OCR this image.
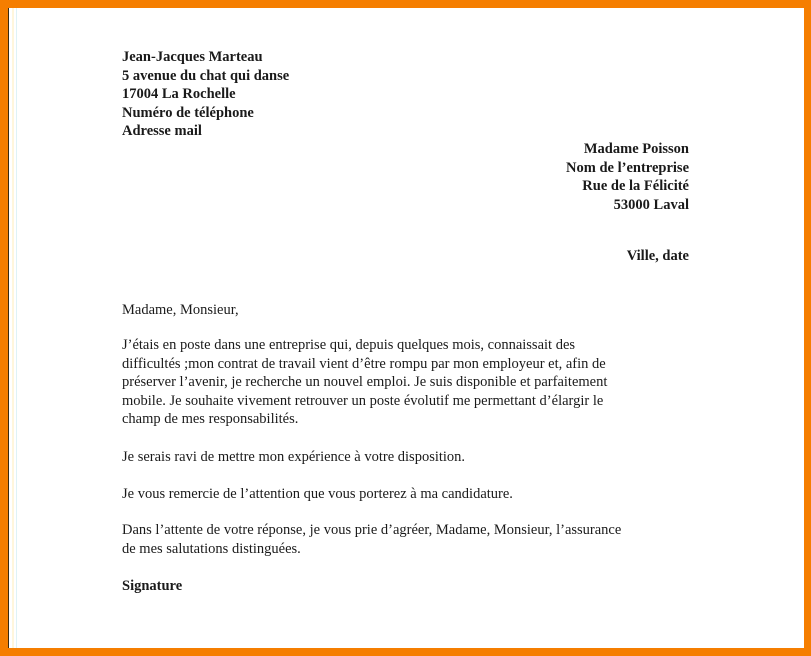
Jean-Jacques Marteau
5 avenue du chat qui danse
17004 La Rochelle
Numéro de téléphone
Adresse mail
Madame Poisson
Nom de l’entreprise
Rue de la Félicité
53000 Laval
Ville, date
Madame, Monsieur,
J’étais en poste dans une entreprise qui, depuis quelques mois, connaissait des
difficultés ;mon contrat de travail vient d’être rompu par mon employeur et, afin de
préserver l’avenir, je recherche un nouvel emploi. Je suis disponible et parfaitement
mobile. Je souhaite vivement retrouver un poste évolutif me permettant d’élargir le
champ de mes responsabilités.
Je serais ravi de mettre mon expérience à votre disposition.
Je vous remercie de l’attention que vous porterez à ma candidature.
Dans l’attente de votre réponse, je vous prie d’agréer, Madame, Monsieur, l’assurance
de mes salutations distinguées.
Signature
